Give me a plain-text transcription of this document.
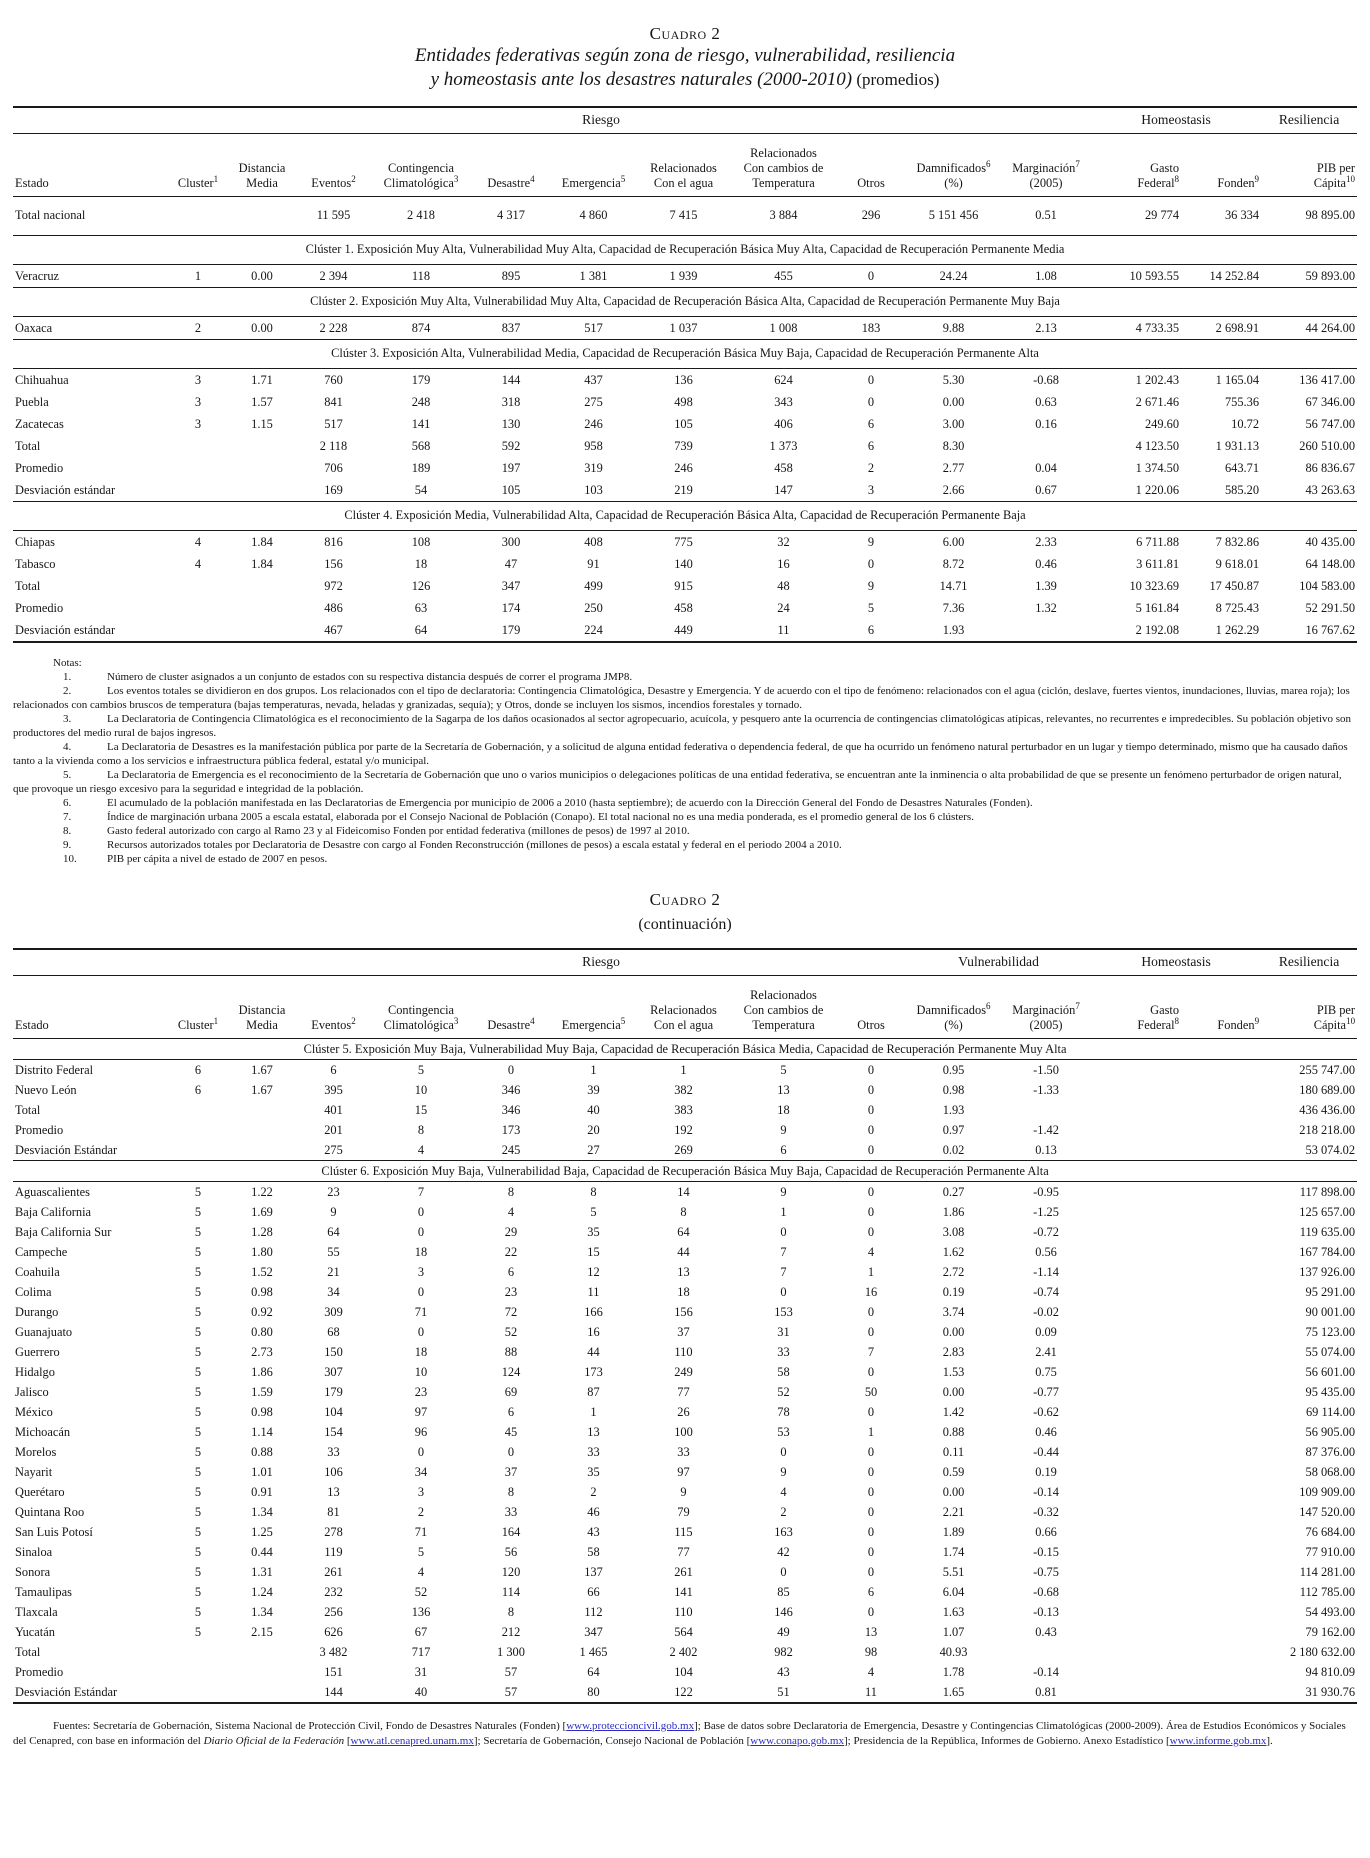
Cuadro 2
Entidades federativas según zona de riesgo, vulnerabilidad, resiliencia
y homeostasis ante los desastres naturales (2000-2010) (promedios)
			Riesgo									Homeostasis		Resiliencia
Estado	Cluster$^1$	Distancia
Media	Eventos$^2$	Contingencia
Climatológica$^3$	Desastre$^4$	Emergencia$^5$	Relacionados
Con el agua	Relacionados
Con cambios de
Temperatura	Otros	Damnificados$^6$
(%)	Marginación$^7$
(2005)	Gasto
Federal$^8$	Fonden$^9$	PIB per
Cápita$^{10}$
Total nacional			11 595	2 418	4 317	4 860	7 415	3 884	296	5 151 456	0.51	29 774	36 334	98 895.00
Clúster 1. Exposición Muy Alta, Vulnerabilidad Muy Alta, Capacidad de Recuperación Básica Muy Alta, Capacidad de Recuperación Permanente Media														
Veracruz	1	0.00	2 394	118	895	1 381	1 939	455	0	24.24	1.08	10 593.55	14 252.84	59 893.00
Clúster 2. Exposición Muy Alta, Vulnerabilidad Muy Alta, Capacidad de Recuperación Básica Alta, Capacidad de Recuperación Permanente Muy Baja														
Oaxaca	2	0.00	2 228	874	837	517	1 037	1 008	183	9.88	2.13	4 733.35	2 698.91	44 264.00
Clúster 3. Exposición Alta, Vulnerabilidad Media, Capacidad de Recuperación Básica Muy Baja, Capacidad de Recuperación Permanente Alta														
Chihuahua	3	1.71	760	179	144	437	136	624	0	5.30	-0.68	1 202.43	1 165.04	136 417.00
Puebla	3	1.57	841	248	318	275	498	343	0	0.00	0.63	2 671.46	755.36	67 346.00
Zacatecas	3	1.15	517	141	130	246	105	406	6	3.00	0.16	249.60	10.72	56 747.00
Total			2 118	568	592	958	739	1 373	6	8.30		4 123.50	1 931.13	260 510.00
Promedio			706	189	197	319	246	458	2	2.77	0.04	1 374.50	643.71	86 836.67
Desviación estándar			169	54	105	103	219	147	3	2.66	0.67	1 220.06	585.20	43 263.63
Clúster 4. Exposición Media, Vulnerabilidad Alta, Capacidad de Recuperación Básica Alta, Capacidad de Recuperación Permanente Baja														
Chiapas	4	1.84	816	108	300	408	775	32	9	6.00	2.33	6 711.88	7 832.86	40 435.00
Tabasco	4	1.84	156	18	47	91	140	16	0	8.72	0.46	3 611.81	9 618.01	64 148.00
Total			972	126	347	499	915	48	9	14.71	1.39	10 323.69	17 450.87	104 583.00
Promedio			486	63	174	250	458	24	5	7.36	1.32	5 161.84	8 725.43	52 291.50
Desviación estándar			467	64	179	224	449	11	6	1.93		2 192.08	1 262.29	16 767.62
Notas:

1.	Número de cluster asignados a un conjunto de estados con su respectiva distancia después de correr el programa JMP8.

2.	Los eventos totales se dividieron en dos grupos. Los relacionados con el tipo de declaratoria: Contingencia Climatológica, Desastre y Emergencia. Y de acuerdo con el tipo de fenómeno: relacionados con el agua (ciclón, deslave, fuertes vientos, inundaciones, lluvias, marea roja); los relacionados con cambios bruscos de temperatura (bajas temperaturas, nevada, heladas y granizadas, sequía); y Otros, donde se incluyen los sismos, incendios forestales y tornado.

3.	La Declaratoria de Contingencia Climatológica es el reconocimiento de la Sagarpa de los daños ocasionados al sector agropecuario, acuícola, y pesquero ante la ocurrencia de contingencias climatológicas atípicas, relevantes, no recurrentes e impredecibles. Su población objetivo son productores del medio rural de bajos ingresos.

4.	La Declaratoria de Desastres es la manifestación pública por parte de la Secretaría de Gobernación, y a solicitud de alguna entidad federativa o dependencia federal, de que ha ocurrido un fenómeno natural perturbador en un lugar y tiempo determinado, mismo que ha causado daños tanto a la vivienda como a los servicios e infraestructura pública federal, estatal y/o municipal.

5.	La Declaratoria de Emergencia es el reconocimiento de la Secretaría de Gobernación que uno o varios municipios o delegaciones políticas de una entidad federativa, se encuentran ante la inminencia o alta probabilidad de que se presente un fenómeno perturbador de origen natural, que provoque un riesgo excesivo para la seguridad e integridad de la población.

6.	El acumulado de la población manifestada en las Declaratorias de Emergencia por municipio de 2006 a 2010 (hasta septiembre); de acuerdo con la Dirección General del Fondo de Desastres Naturales (Fonden).

7.	Índice de marginación urbana 2005 a escala estatal, elaborada por el Consejo Nacional de Población (Conapo). El total nacional no es una media ponderada, es el promedio general de los 6 clústers.

8.	Gasto federal autorizado con cargo al Ramo 23 y al Fideicomiso Fonden por entidad federativa (millones de pesos) de 1997 al 2010.

9.	Recursos autorizados totales por Declaratoria de Desastre con cargo al Fonden Reconstrucción (millones de pesos) a escala estatal y federal en el periodo 2004 a 2010.

10.	PIB per cápita a nivel de estado de 2007 en pesos.

Cuadro 2
(continuación)
			Riesgo							Vulnerabilidad		Homeostasis		Resiliencia
Estado	Cluster$^1$	Distancia
Media	Eventos$^2$	Contingencia
Climatológica$^3$	Desastre$^4$	Emergencia$^5$	Relacionados
Con el agua	Relacionados
Con cambios de
Temperatura	Otros	Damnificados$^6$
(%)	Marginación$^7$
(2005)	Gasto
Federal$^8$	Fonden$^9$	PIB per
Cápita$^{10}$
Clúster 5. Exposición Muy Baja, Vulnerabilidad Muy Baja, Capacidad de Recuperación Básica Media, Capacidad de Recuperación Permanente Muy Alta														
Distrito Federal	6	1.67	6	5	0	1	1	5	0	0.95	-1.50			255 747.00
Nuevo León	6	1.67	395	10	346	39	382	13	0	0.98	-1.33			180 689.00
Total			401	15	346	40	383	18	0	1.93				436 436.00
Promedio			201	8	173	20	192	9	0	0.97	-1.42			218 218.00
Desviación Estándar			275	4	245	27	269	6	0	0.02	0.13			53 074.02
Clúster 6. Exposición Muy Baja, Vulnerabilidad Baja, Capacidad de Recuperación Básica Muy Baja, Capacidad de Recuperación Permanente Alta														
Aguascalientes	5	1.22	23	7	8	8	14	9	0	0.27	-0.95			117 898.00
Baja California	5	1.69	9	0	4	5	8	1	0	1.86	-1.25			125 657.00
Baja California Sur	5	1.28	64	0	29	35	64	0	0	3.08	-0.72			119 635.00
Campeche	5	1.80	55	18	22	15	44	7	4	1.62	0.56			167 784.00
Coahuila	5	1.52	21	3	6	12	13	7	1	2.72	-1.14			137 926.00
Colima	5	0.98	34	0	23	11	18	0	16	0.19	-0.74			95 291.00
Durango	5	0.92	309	71	72	166	156	153	0	3.74	-0.02			90 001.00
Guanajuato	5	0.80	68	0	52	16	37	31	0	0.00	0.09			75 123.00
Guerrero	5	2.73	150	18	88	44	110	33	7	2.83	2.41			55 074.00
Hidalgo	5	1.86	307	10	124	173	249	58	0	1.53	0.75			56 601.00
Jalisco	5	1.59	179	23	69	87	77	52	50	0.00	-0.77			95 435.00
México	5	0.98	104	97	6	1	26	78	0	1.42	-0.62			69 114.00
Michoacán	5	1.14	154	96	45	13	100	53	1	0.88	0.46			56 905.00
Morelos	5	0.88	33	0	0	33	33	0	0	0.11	-0.44			87 376.00
Nayarit	5	1.01	106	34	37	35	97	9	0	0.59	0.19			58 068.00
Querétaro	5	0.91	13	3	8	2	9	4	0	0.00	-0.14			109 909.00
Quintana Roo	5	1.34	81	2	33	46	79	2	0	2.21	-0.32			147 520.00
San Luis Potosí	5	1.25	278	71	164	43	115	163	0	1.89	0.66			76 684.00
Sinaloa	5	0.44	119	5	56	58	77	42	0	1.74	-0.15			77 910.00
Sonora	5	1.31	261	4	120	137	261	0	0	5.51	-0.75			114 281.00
Tamaulipas	5	1.24	232	52	114	66	141	85	6	6.04	-0.68			112 785.00
Tlaxcala	5	1.34	256	136	8	112	110	146	0	1.63	-0.13			54 493.00
Yucatán	5	2.15	626	67	212	347	564	49	13	1.07	0.43			79 162.00
Total			3 482	717	1 300	1 465	2 402	982	98	40.93				2 180 632.00
Promedio			151	31	57	64	104	43	4	1.78	-0.14			94 810.09
Desviación Estándar			144	40	57	80	122	51	11	1.65	0.81			31 930.76

Fuentes: Secretaría de Gobernación, Sistema Nacional de Protección Civil, Fondo de Desastres Naturales (Fonden) [www.proteccioncivil.gob.mx]; Base de datos sobre Declaratoria de Emergencia, Desastre y Contingencias Climatológicas (2000-2009). Área de Estudios Económicos y Sociales del Cenapred, con base en información del Diario Oficial de la Federación [www.atl.cenapred.unam.mx]; Secretaría de Gobernación, Consejo Nacional de Población [www.conapo.gob.mx]; Presidencia de la República, Informes de Gobierno. Anexo Estadístico [www.informe.gob.mx].
